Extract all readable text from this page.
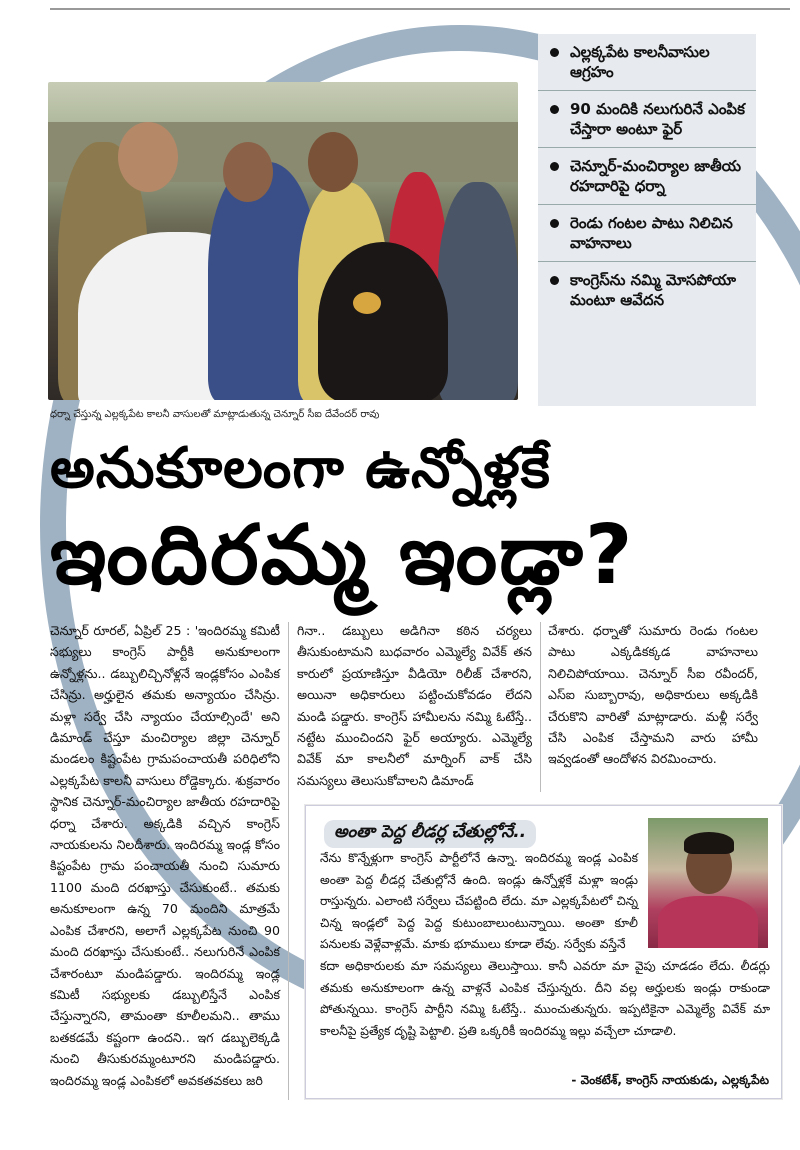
ధర్నా చేస్తున్న ఎల్లక్కపేట కాలనీ వాసులతో మాట్లాడుతున్న చెన్నూర్ సీఐ దేవేందర్ రావు
ఎల్లక్కపేట కాలనీవాసుల ఆగ్రహం
90 మందికి నలుగురినే ఎంపిక చేస్తారా అంటూ ఫైర్
చెన్నూర్-మంచిర్యాల జాతీయ రహదారిపై ధర్నా
రెండు గంటల పాటు నిలిచిన వాహనాలు
కాంగ్రెస్‌ను నమ్మి మోసపోయా మంటూ ఆవేదన
అనుకూలంగా ఉన్నోళ్లకే
ఇందిరమ్మ ఇండ్లా?
చెన్నూర్ రూరల్, ఏప్రిల్ 25 : 'ఇందిరమ్మ కమిటీ సభ్యులు కాంగ్రెస్ పార్టీకి అనుకూలంగా ఉన్నోళ్లను.. డబ్బులిచ్చినోళ్లనే ఇండ్లకోసం ఎంపిక చేసిన్రు. అర్హులైన తమకు అన్యాయం చేసిన్రు. మళ్లా సర్వే చేసి న్యాయం చేయాల్సిందే' అని డిమాండ్ చేస్తూ మంచిర్యాల జిల్లా చెన్నూర్ మండలం కిష్టంపేట గ్రామపంచాయతీ పరిధిలోని ఎల్లక్కపేట కాలనీ వాసులు రోడ్డెక్కారు. శుక్రవారం స్థానిక చెన్నూర్-మంచిర్యాల జాతీయ రహదారిపై ధర్నా చేశారు. అక్కడికి వచ్చిన కాంగ్రెస్ నాయకులను నిలదీశారు. ఇందిరమ్మ ఇండ్ల కోసం కిష్టంపేట గ్రామ పంచాయతీ నుంచి సుమారు 1100 మంది దరఖాస్తు చేసుకుంటే.. తమకు అనుకూలంగా ఉన్న 70 మందిని మాత్రమే ఎంపిక చేశారని, అలాగే ఎల్లక్కపేట నుంచి 90 మంది దరఖాస్తు చేసుకుంటే.. నలుగురినే ఎంపిక చేశారంటూ మండిపడ్డారు. ఇందిరమ్మ ఇండ్ల కమిటీ సభ్యులకు డబ్బులిస్తేనే ఎంపిక చేస్తున్నారని, తామంతా కూలీలమని.. తాము బతకడమే కష్టంగా ఉందని.. ఇగ డబ్బులెక్కడి నుంచి తీసుకురమ్మంటూరని మండిపడ్డారు. ఇందిరమ్మ ఇండ్ల ఎంపికలో అవకతవకలు జరి
గినా.. డబ్బులు అడిగినా కఠిన చర్యలు తీసుకుంటామని బుధవారం ఎమ్మెల్యే వివేక్ తన కారులో ప్రయాణిస్తూ వీడియో రిలీజ్ చేశారని, అయినా అధికారులు పట్టించుకోవడం లేదని మండి పడ్డారు. కాంగ్రెస్ హామీలను నమ్మి ఓటేస్తే.. నట్టేట ముంచిందని ఫైర్ అయ్యారు. ఎమ్మెల్యే వివేక్ మా కాలనీలో మార్నింగ్ వాక్ చేసి సమస్యలు తెలుసుకోవాలని డిమాండ్
చేశారు. ధర్నాతో సుమారు రెండు గంటల పాటు ఎక్కడికక్కడ వాహనాలు నిలిచిపోయాయి. చెన్నూర్ సీఐ రవీందర్, ఎస్ఐ సుబ్బారావు, అధికారులు అక్కడికి చేరుకొని వారితో మాట్లాడారు. మళ్లీ సర్వే చేసి ఎంపిక చేస్తామని వారు హామీ ఇవ్వడంతో ఆందోళన విరమించారు.
అంతా పెద్ద లీడర్ల చేతుల్లోనే..
నేను కొన్నేళ్లుగా కాంగ్రెస్ పార్టీలోనే ఉన్నా. ఇందిరమ్మ ఇండ్ల ఎంపిక అంతా పెద్ద లీడర్ల చేతుల్లోనే ఉంది. ఇండ్లు ఉన్నోళ్లకే మళ్లా ఇండ్లు రాస్తున్నరు. ఎలాంటి సర్వేలు చేపట్టింది లేదు. మా ఎల్లక్కపేటలో చిన్న చిన్న ఇండ్లలో పెద్ద పెద్ద కుటుంబాలుంటున్నాయి. అంతా కూలీ పనులకు వెళ్లేవాళ్లమే. మాకు భూములు కూడా లేవు. సర్వేకు వస్తేనే
కదా అధికారులకు మా సమస్యలు తెలుస్తాయి. కానీ ఎవరూ మా వైపు చూడడం లేదు. లీడర్లు తమకు అనుకూలంగా ఉన్న వాళ్లనే ఎంపిక చేస్తున్నరు. దీని వల్ల అర్హులకు ఇండ్లు రాకుండా పోతున్నయి. కాంగ్రెస్ పార్టీని నమ్మి ఓటేస్తే.. ముంచుతున్నరు. ఇప్పటికైనా ఎమ్మెల్యే వివేక్ మా కాలనీపై ప్రత్యేక దృష్టి పెట్టాలి. ప్రతి ఒక్కరికీ ఇందిరమ్మ ఇల్లు వచ్చేలా చూడాలి.
- వెంకటేశ్, కాంగ్రెస్ నాయకుడు, ఎల్లక్కపేట
